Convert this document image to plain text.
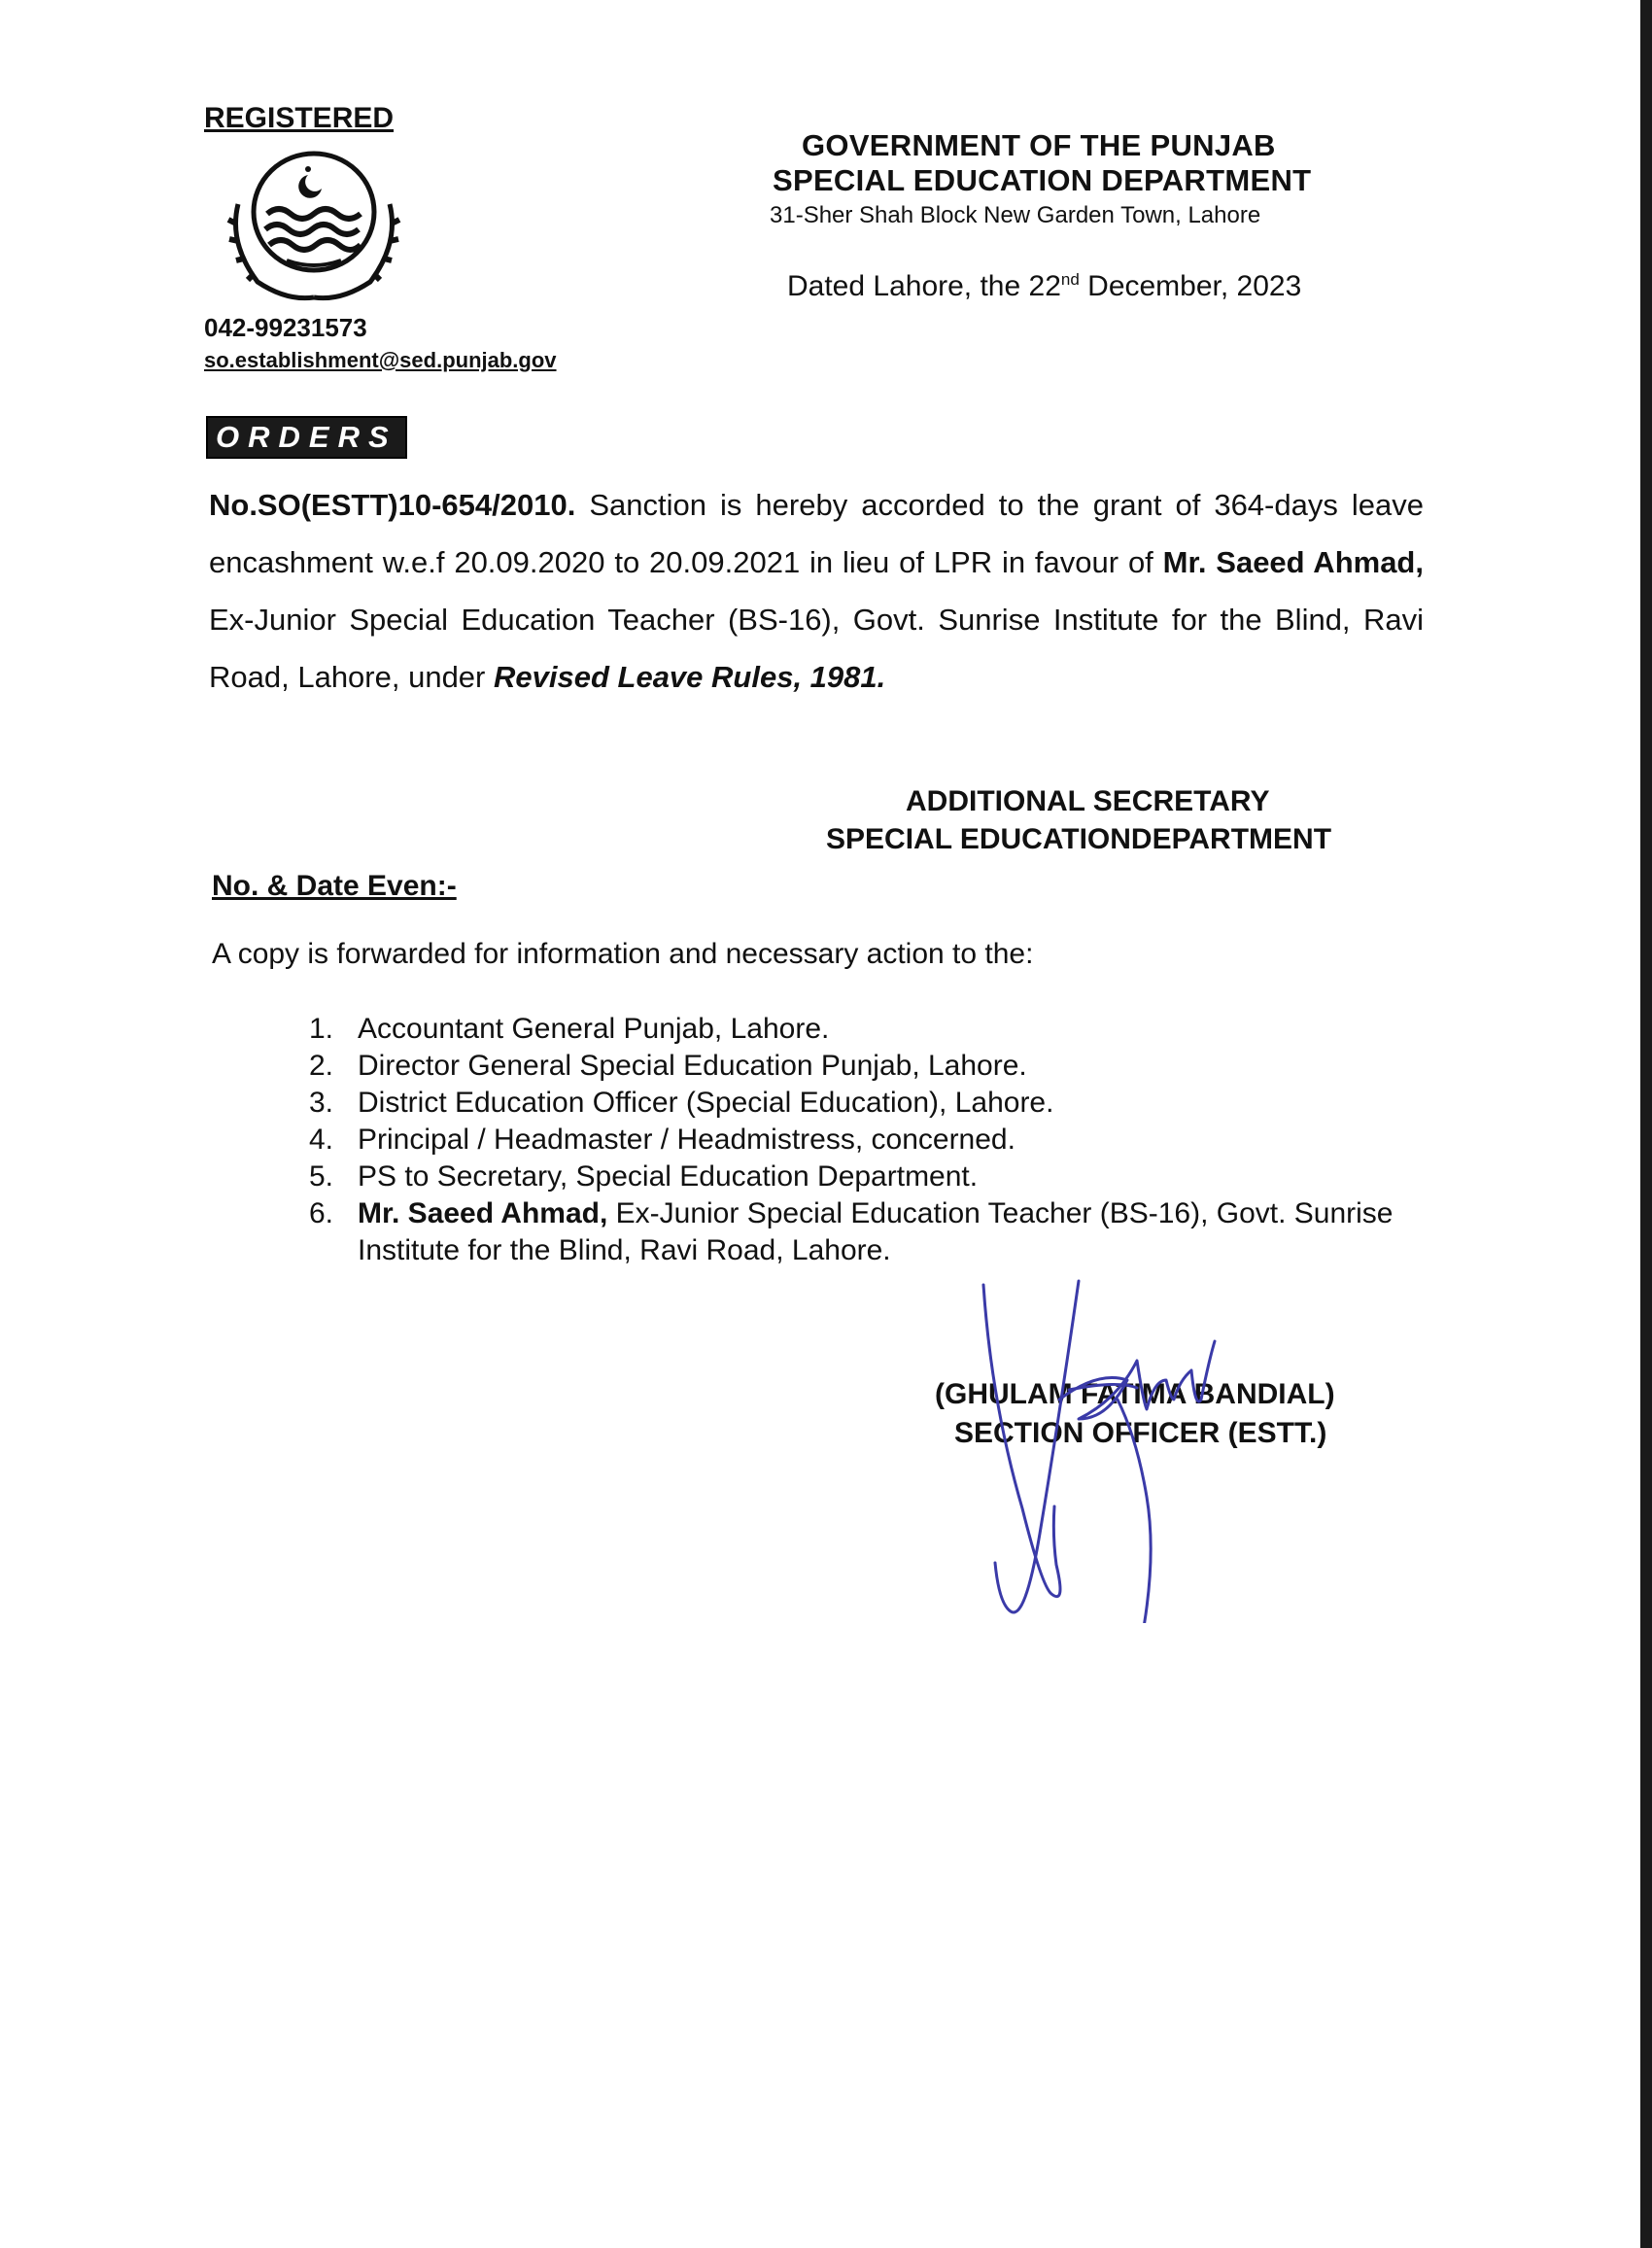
REGISTERED
042-99231573
so.establishment@sed.punjab.gov
GOVERNMENT OF THE PUNJAB
SPECIAL EDUCATION DEPARTMENT
31-Sher Shah Block New Garden Town, Lahore
Dated Lahore, the 22nd December, 2023
ORDERS
No.SO(ESTT)10-654/2010. Sanction is hereby accorded to the grant of 364-days leave encashment w.e.f 20.09.2020 to 20.09.2021 in lieu of LPR in favour of Mr. Saeed Ahmad, Ex-Junior Special Education Teacher (BS-16), Govt. Sunrise Institute for the Blind, Ravi Road, Lahore, under Revised Leave Rules, 1981.
ADDITIONAL SECRETARY
SPECIAL EDUCATIONDEPARTMENT
No. & Date Even:-
A copy is forwarded for information and necessary action to the:
1. Accountant General Punjab, Lahore.
2. Director General Special Education Punjab, Lahore.
3. District Education Officer (Special Education), Lahore.
4. Principal / Headmaster / Headmistress, concerned.
5. PS to Secretary, Special Education Department.
6. Mr. Saeed Ahmad, Ex-Junior Special Education Teacher (BS-16), Govt. Sunrise Institute for the Blind, Ravi Road, Lahore.
(GHULAM FATIMA BANDIAL)
SECTION OFFICER (ESTT.)
